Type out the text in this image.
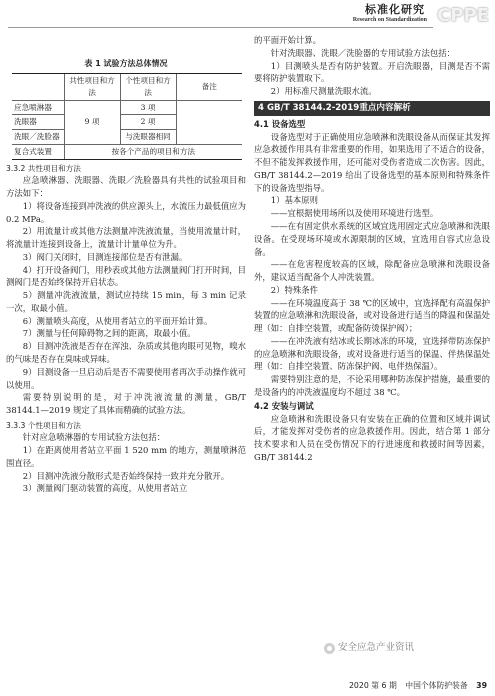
标准化研究
Research on Standardization CPPE
表 1 试验方法总体情况
	共性项目和方法	个性项目和方法	备注
应急喷淋器	9 项	3 项	
洗眼器		2 项	
洗眼／洗脸器		与洗眼器相同	
复合式装置	按各个产品的项目和方法		
3.3.2 共性项目和方法

应急喷淋器、洗眼器、洗眼／洗脸器具有共性的试验项目和方法如下：

1）将设备连接到冲洗液的供应源头上，水流压力最低值应为 0.2 MPa。

2）用流量计或其他方法测量冲洗液流量，当使用流量计时，将流量计连接到设备上，流量计计量单位为升。

3）阀门关闭时，目测连接部位是否有泄漏。

4）打开设备阀门，用秒表或其他方法测量阀门打开时间，目测阀门是否始终保持开启状态。

5）测量冲洗液流量，测试应持续 15 min，每 3 min 记录一次，取最小值。

6）测量喷头高度，从使用者站立的平面开始计算。

7）测量与任何障碍物之间的距离，取最小值。

8）目测冲洗液是否存在浑浊、杂质或其他肉眼可见物，嗅水的气味是否存在臭味或异味。

9）目测设备一旦启动后是否不需要使用者再次手动操作就可以使用。

需要特别说明的是，对于冲洗液流量的测量，GB/T 38144.1—2019 规定了具体而精确的试验方法。

3.3.3 个性项目和方法

针对应急喷淋器的专用试验方法包括：

1）在距离使用者站立平面 1 520 mm 的地方，测量喷淋范围直径。

2）目测冲洗液分散形式是否始终保持一致并充分散开。

3）测量阀门驱动装置的高度，从使用者站立

的平面开始计算。

针对洗眼器、洗眼／洗脸器的专用试验方法包括：

1）目测喷头是否有防护装置。开启洗眼器，目测是否不需要将防护装置取下。

2）用标准尺测量洗眼水流。

4 GB/T 38144.2-2019重点内容解析
4.1 设备选型

设备选型对于正确使用应急喷淋和洗眼设备从而保证其发挥应急救援作用具有非常重要的作用，如果选用了不适合的设备，不但不能发挥救援作用，还可能对受伤者造成二次伤害。因此，GB/T 38144.2—2019 给出了设备选型的基本原则和特殊条件下的设备选型指导。

1）基本原则

——宜根据使用场所以及使用环境进行选型。

——在有固定供水系统的区域宜选用固定式应急喷淋和洗眼设备。在受现场环境或水源限制的区域，宜选用自容式应急设备。

——在危害程度较高的区域，除配备应急喷淋和洗眼设备外，建议适当配备个人冲洗装置。

2）特殊条件

——在环境温度高于 38 ℃的区域中，宜选择配有高温保护装置的应急喷淋和洗眼设备，或对设备进行适当的降温和保温处理（如：自排空装置，或配备防烫保护阀）；

——在冲洗液有结冰或长期冰冻的环境，宜选择带防冻保护的应急喷淋和洗眼设备，或对设备进行适当的保温、伴热保温处理（如：自排空装置、防冻保护阀、电伴热保温）。

需要特别注意的是，不论采用哪种防冻保护措施，最重要的是设备内的冲洗液温度均不超过 38 ℃。

4.2 安装与调试

应急喷淋和洗眼设备只有安装在正确的位置和区域并调试后，才能发挥对受伤者的应急救援作用。因此，结合第 1 部分技术要求和人员在受伤情况下的行进速度和救援时间等因素，GB/T 38144.2

安全应急产业资讯
2020 第 6 期 中国个体防护装备 39
